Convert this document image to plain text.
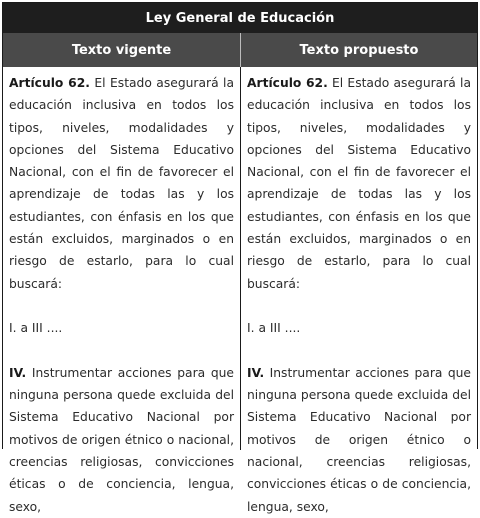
Ley General de Educación
Texto vigente	Texto propuesto

Artículo 62. El Estado asegurará la educación inclusiva en todos los tipos, niveles, modalidades y opciones del Sistema Educativo Nacional, con el fin de favorecer el aprendizaje de todas las y los estudiantes, con énfasis en los que están excluidos, marginados o en riesgo de estarlo, para lo cual buscará:

I. a III ....

IV. Instrumentar acciones para que ninguna persona quede excluida del Sistema Educativo Nacional por motivos de origen étnico o nacional, creencias religiosas, convicciones éticas o de conciencia, lengua, sexo,

Artículo 62. El Estado asegurará la educación inclusiva en todos los tipos, niveles, modalidades y opciones del Sistema Educativo Nacional, con el fin de favorecer el aprendizaje de todas las y los estudiantes, con énfasis en los que están excluidos, marginados o en riesgo de estarlo, para lo cual buscará:

I. a III ....

IV. Instrumentar acciones para que ninguna persona quede excluida del Sistema Educativo Nacional por motivos de origen étnico o nacional, creencias religiosas, convicciones éticas o de conciencia, lengua, sexo,
